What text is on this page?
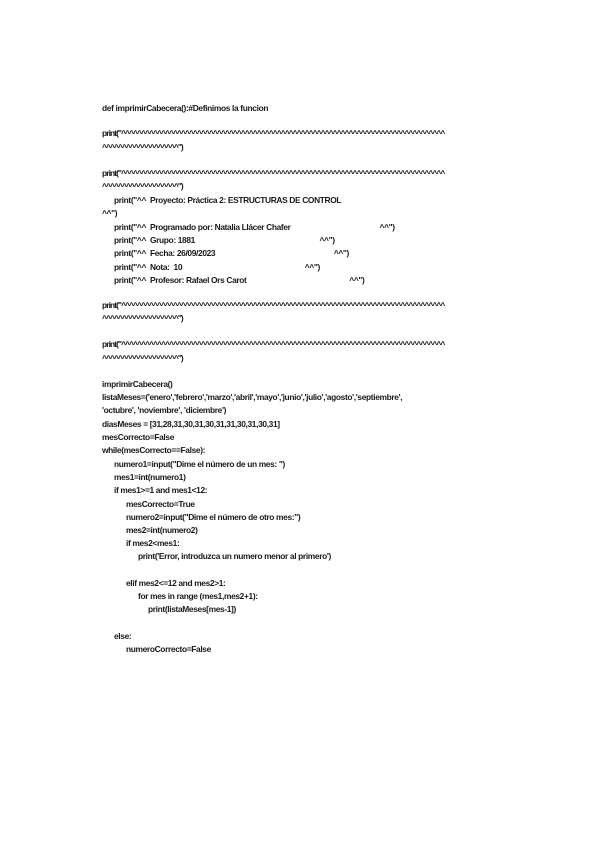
def imprimirCabecera():#Definimos la funcion
print("^^^^^^^^^^^^^^^^^^^^^^^^^^^^^^^^^^^^^^^^^^^^^^^^^^^^^^^^^^^^^^^^^^^^^^^^^^^^^^^^^
^^^^^^^^^^^^^^^^^^^")
print("^^^^^^^^^^^^^^^^^^^^^^^^^^^^^^^^^^^^^^^^^^^^^^^^^^^^^^^^^^^^^^^^^^^^^^^^^^^^^^^^^
^^^^^^^^^^^^^^^^^^^")
print("^^  Proyecto: Práctica 2: ESTRUCTURAS DE CONTROL
^^")
print("^^  Programado por: Natalia Llácer Chafer                                             ^^")
print("^^  Grupo: 1881                                                               ^^")
print("^^  Fecha: 26/09/2023                                                            ^^")
print("^^  Nota:  10                                                              ^^")
print("^^  Profesor: Rafael Ors Carot                                                    ^^")
print("^^^^^^^^^^^^^^^^^^^^^^^^^^^^^^^^^^^^^^^^^^^^^^^^^^^^^^^^^^^^^^^^^^^^^^^^^^^^^^^^^
^^^^^^^^^^^^^^^^^^^")
print("^^^^^^^^^^^^^^^^^^^^^^^^^^^^^^^^^^^^^^^^^^^^^^^^^^^^^^^^^^^^^^^^^^^^^^^^^^^^^^^^^
^^^^^^^^^^^^^^^^^^^")
imprimirCabecera()
listaMeses=('enero','febrero','marzo','abril','mayo','junio','julio','agosto','septiembre',
'octubre', 'noviembre', 'diciembre')
diasMeses = [31,28,31,30,31,30,31,31,30,31,30,31]
mesCorrecto=False
while(mesCorrecto==False):
numero1=input("Dime el número de un mes: ")
mes1=int(numero1)
if mes1>=1 and mes1<12:
mesCorrecto=True
numero2=input("Dime el número de otro mes:")
mes2=int(numero2)
if mes2<mes1:
print('Error, introduzca un numero menor al primero')
elif mes2<=12 and mes2>1:
for mes in range (mes1,mes2+1):
print(listaMeses[mes-1])
else:
numeroCorrecto=False
